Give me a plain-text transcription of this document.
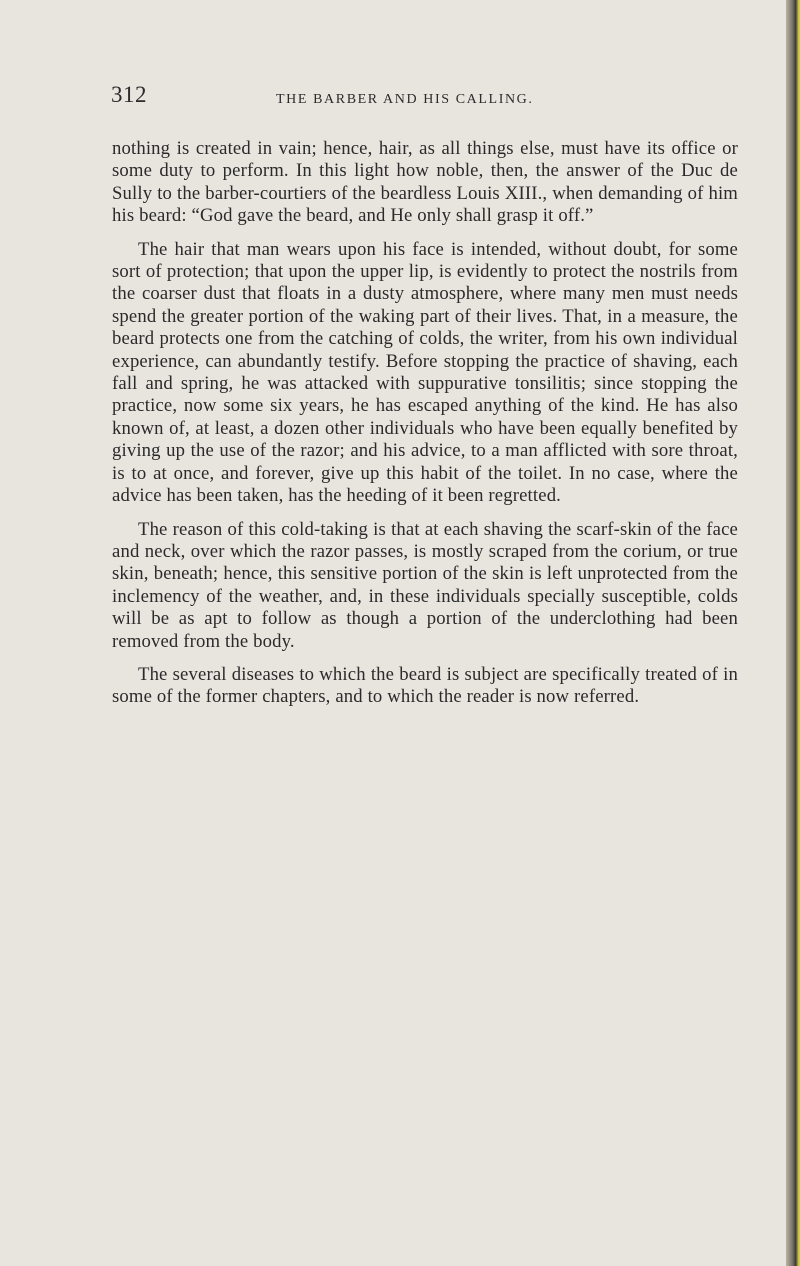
312	THE BARBER AND HIS CALLING.

nothing is created in vain; hence, hair, as all things else, must have its office or some duty to perform. In this light how noble, then, the answer of the Duc de Sully to the barber-courtiers of the beardless Louis XIII., when demanding of him his beard: “God gave the beard, and He only shall grasp it off.”

The hair that man wears upon his face is intended, without doubt, for some sort of protection; that upon the upper lip, is evidently to protect the nostrils from the coarser dust that floats in a dusty atmosphere, where many men must needs spend the greater portion of the waking part of their lives. That, in a measure, the beard protects one from the catching of colds, the writer, from his own individual experience, can abundantly testify. Before stopping the practice of shaving, each fall and spring, he was attacked with suppurative tonsilitis; since stopping the practice, now some six years, he has escaped anything of the kind. He has also known of, at least, a dozen other individuals who have been equally benefited by giving up the use of the razor; and his advice, to a man afflicted with sore throat, is to at once, and forever, give up this habit of the toilet. In no case, where the advice has been taken, has the heeding of it been regretted.

The reason of this cold-taking is that at each shaving the scarf-skin of the face and neck, over which the razor passes, is mostly scraped from the corium, or true skin, beneath; hence, this sensitive portion of the skin is left unprotected from the inclemency of the weather, and, in these individuals specially susceptible, colds will be as apt to follow as though a portion of the underclothing had been removed from the body.

The several diseases to which the beard is subject are specifically treated of in some of the former chapters, and to which the reader is now referred.
